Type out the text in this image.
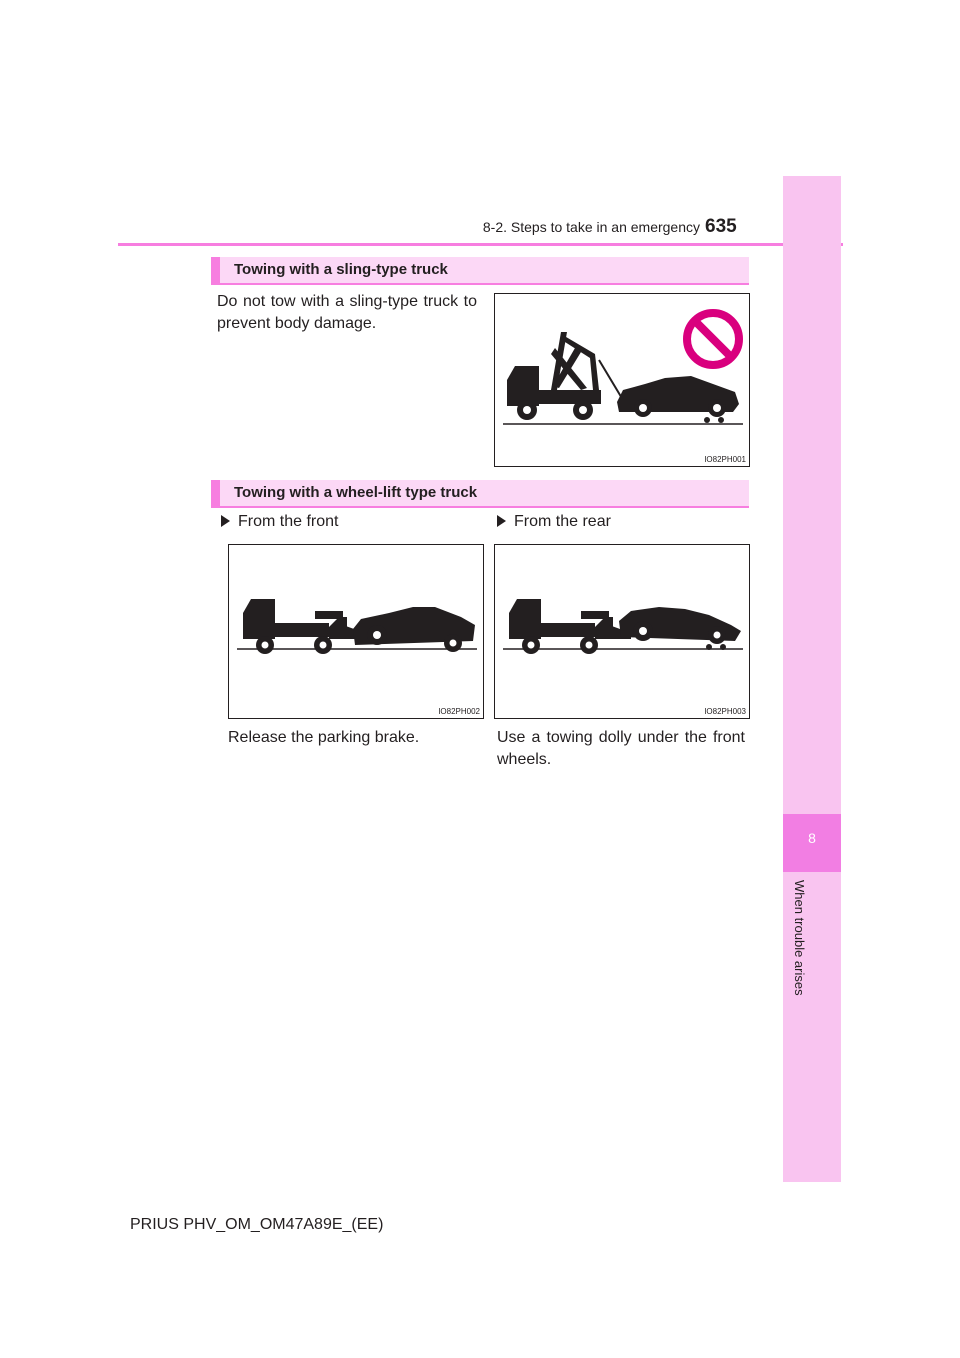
8-2. Steps to take in an emergency 635
8
When trouble arises
Towing with a sling-type truck
Do not tow with a sling-type truck to prevent body damage.
IO82PH001
Towing with a wheel-lift type truck
From the front	From the rear
IO82PH002	IO82PH003
Release the parking brake.	Use a towing dolly under the front wheels.
PRIUS PHV_OM_OM47A89E_(EE)
